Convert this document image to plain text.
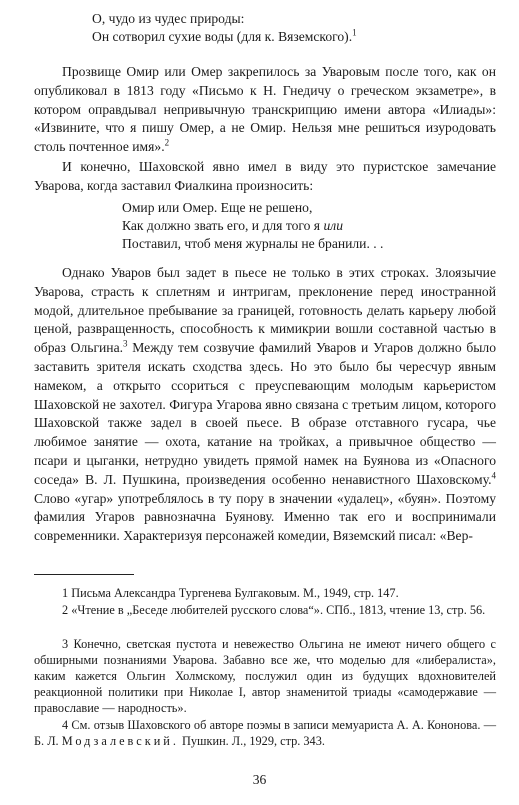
О, чудо из чудес природы:
Он сотворил сухие воды (для к. Вяземского).$^1$

Прозвище Омир или Омер закрепилось за Уваровым после того, как он опубликовал в 1813 году «Письмо к Н. Гнедичу о греческом экзаметре», в котором оправдывал непривычную транскрипцию имени автора «Илиады»: «Извините, что я пишу Омер, а не Омир. Нельзя мне решиться изуродовать столь почтенное имя».$^2$

И конечно, Шаховской явно имел в виду это пуристское замечание Уварова, когда заставил Фиалкина произносить:

Омир или Омер. Еще не решено,
Как должно звать его, и для того я или
Поставил, чтоб меня журналы не бранили. . .

Однако Уваров был задет в пьесе не только в этих строках. Злоязычие Уварова, страсть к сплетням и интригам, преклонение перед иностранной модой, длительное пребывание за границей, готовность делать карьеру любой ценой, развращенность, способность к мимикрии вошли составной частью в образ Ольгина.$^3$ Между тем созвучие фамилий Уваров и Угаров должно было заставить зрителя искать сходства здесь. Но это было бы чересчур явным намеком, а открыто ссориться с преуспевающим молодым карьеристом Шаховской не захотел. Фигура Угарова явно связана с третьим лицом, которого Шаховской также задел в своей пьесе. В образе отставного гусара, чье любимое занятие — охота, катание на тройках, а привычное общество — псари и цыганки, нетрудно увидеть прямой намек на Буянова из «Опасного соседа» В. Л. Пушкина, произведения особенно ненавистного Шаховскому.$^4$ Слово «угар» употреблялось в ту пору в значении «удалец», «буян». Поэтому фамилия Угаров равнозначна Буянову. Именно так его и воспринимали современники. Характеризуя персонажей комедии, Вяземский писал: «Вер-

1 Письма Александра Тургенева Булгаковым. М., 1949, стр. 147.

2 «Чтение в „Беседе любителей русского слова“». СПб., 1813, чтение 13, стр. 56.

3 Конечно, светская пустота и невежество Ольгина не имеют ничего общего с обширными познаниями Уварова. Забавно все же, что моделью для «либералиста», каким кажется Ольгин Холмскому, послужил один из будущих вдохновителей реакционной политики при Николае I, автор знаменитой триады «самодержавие — православие — народность».

4 См. отзыв Шаховского об авторе поэмы в записи мемуариста А. А. Кононова. — Б. Л. Модзалевский. Пушкин. Л., 1929, стр. 343.

36
